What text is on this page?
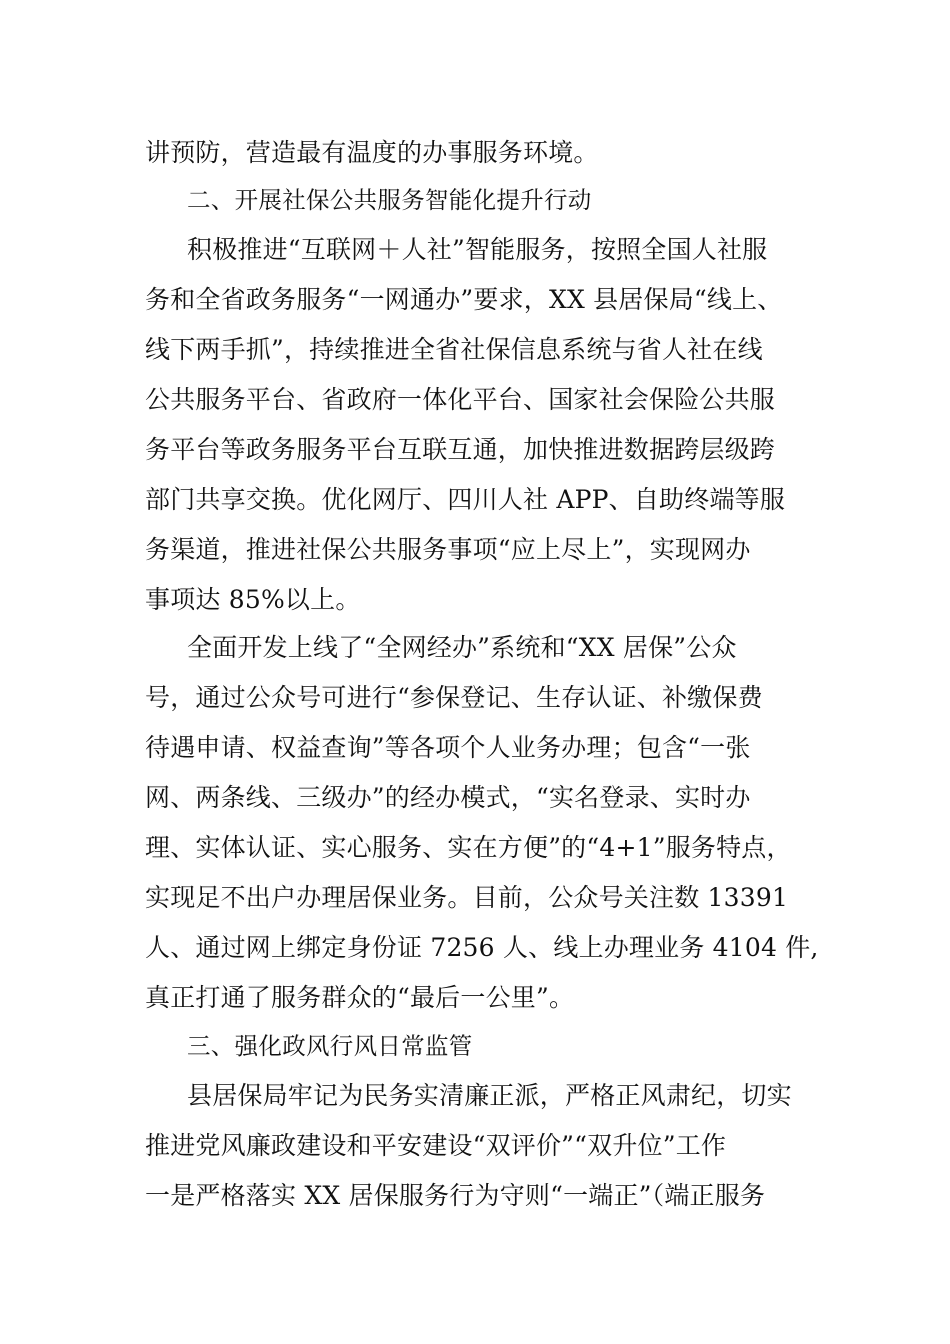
讲预防，营造最有温度的办事服务环境。

二、开展社保公共服务智能化提升行动

积极推进“互联网＋人社”智能服务，按照全国人社服

务和全省政务服务“一网通办”要求，XX 县居保局“线上、

线下两手抓”，持续推进全省社保信息系统与省人社在线

公共服务平台、省政府一体化平台、国家社会保险公共服

务平台等政务服务平台互联互通，加快推进数据跨层级跨

部门共享交换。优化网厅、四川人社 APP、自助终端等服

务渠道，推进社保公共服务事项“应上尽上”，实现网办

事项达 85%以上。

全面开发上线了“全网经办”系统和“XX 居保”公众

号，通过公众号可进行“参保登记、生存认证、补缴保费

待遇申请、权益查询”等各项个人业务办理；包含“一张

网、两条线、三级办”的经办模式，“实名登录、实时办

理、实体认证、实心服务、实在方便”的“4+1”服务特点，

实现足不出户办理居保业务。目前，公众号关注数 13391

人、通过网上绑定身份证 7256 人、线上办理业务 4104 件,

真正打通了服务群众的“最后一公里”。

三、强化政风行风日常监管

县居保局牢记为民务实清廉正派，严格正风肃纪，切实

推进党风廉政建设和平安建设“双评价”“双升位”工作

一是严格落实 XX 居保服务行为守则“一端正”（端正服务
